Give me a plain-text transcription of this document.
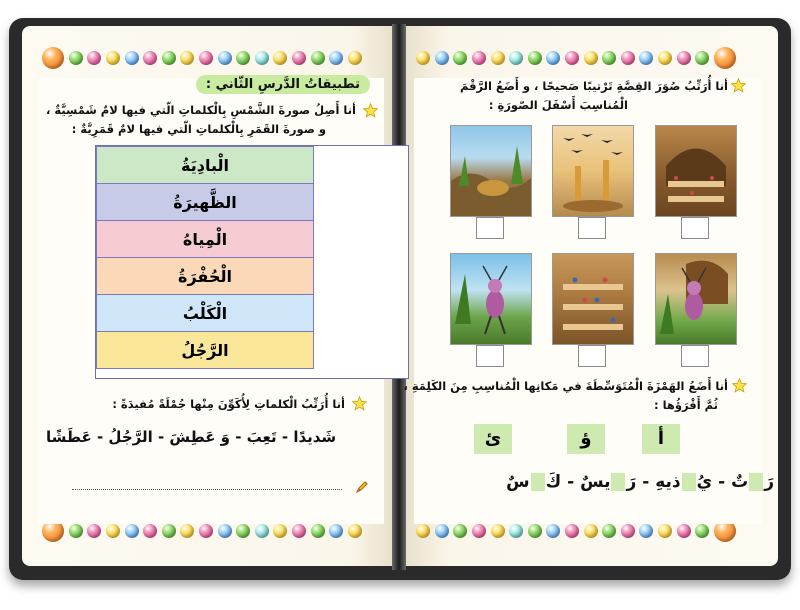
تطبيقاتُ الدَّرسِ الثّاني :
أنا أَصِلُ صورةَ الشَّمْسِ بِالْكلماتِ الّتي فيها لامٌ شَمْسِيَّةٌ ،
و صورةَ القَمَرِ بِالْكلماتِ الّتي فيها لامٌ قَمَرِيَّةٌ :
الْبادِيَةُ
الظَّهيرَةُ
الْمِياهُ
الْحُفْرَةُ
الْكَلْبُ
الرَّجُلُ
أنا أُرَتِّبُ الْكلماتِ لِأُكَوِّنَ مِنْها جُمْلَةً مُفيدَةً :
شَديدًا - تَعِبَ - وَ عَطِشَ - الرَّجُلُ - عَطَشًا
أنا أُرَتِّبُ صُوَرَ القِصَّةِ تَرْتيبًا صَحيحًا ، و أَضَعُ الرَّقْمَ
الْمُناسِبَ أَسْفَلَ الصّورَةِ :
أنا أَضَعُ الهَمْزَةَ الْمُتَوَسِّطَةَ في مَكانِها الْمُناسِبِ مِنَ الكَلِمَةِ ،
ثُمَّ أَقْرَؤُها :
أ
ؤ
ئ
رَتٌ - يُذيهِ - رَيسٌ - كَسٌ
